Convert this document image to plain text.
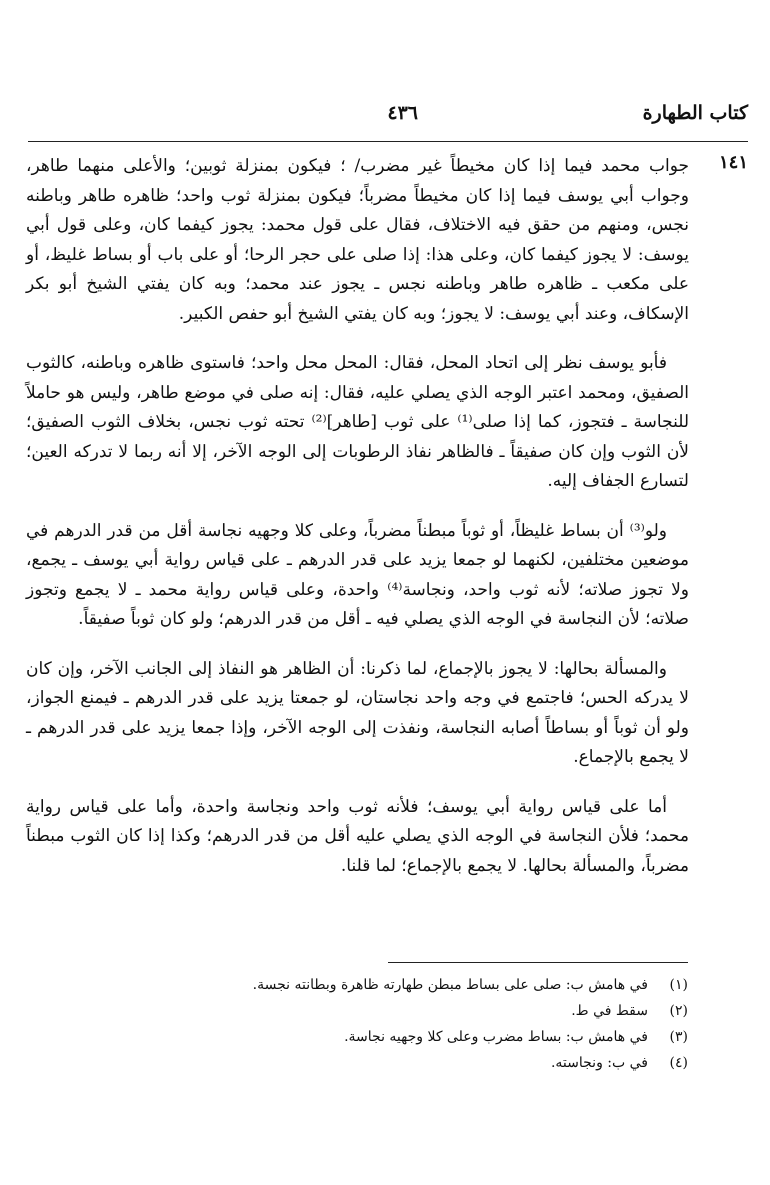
كتاب الطهارة
٤٣٦
١٤١

جواب محمد فيما إذا كان مخيطاً غير مضرب/ ؛ فيكون بمنزلة ثوبين؛ والأعلى منهما طاهر، وجواب أبي يوسف فيما إذا كان مخيطاً مضرباً؛ فيكون بمنزلة ثوب واحد؛ ظاهره طاهر وباطنه نجس، ومنهم من حقق فيه الاختلاف، فقال على قول محمد: يجوز كيفما كان، وعلى قول أبي يوسف: لا يجوز كيفما كان، وعلى هذا: إذا صلى على حجر الرحا؛ أو على باب أو بساط غليظ، أو على مكعب ـ ظاهره طاهر وباطنه نجس ـ يجوز عند محمد؛ وبه كان يفتي الشيخ أبو بكر الإسكاف، وعند أبي يوسف: لا يجوز؛ وبه كان يفتي الشيخ أبو حفص الكبير.

فأبو يوسف نظر إلى اتحاد المحل، فقال: المحل محل واحد؛ فاستوى ظاهره وباطنه، كالثوب الصفيق، ومحمد اعتبر الوجه الذي يصلي عليه، فقال: إنه صلى في موضع طاهر، وليس هو حاملاً للنجاسة ـ فتجوز، كما إذا صلى⁽¹⁾ على ثوب [طاهر]⁽²⁾ تحته ثوب نجس، بخلاف الثوب الصفيق؛ لأن الثوب وإن كان صفيقاً ـ فالظاهر نفاذ الرطوبات إلى الوجه الآخر، إلا أنه ربما لا تدركه العين؛ لتسارع الجفاف إليه.

ولو⁽³⁾ أن بساط غليظاً، أو ثوباً مبطناً مضرباً، وعلى كلا وجهيه نجاسة أقل من قدر الدرهم في موضعين مختلفين، لكنهما لو جمعا يزيد على قدر الدرهم ـ على قياس رواية أبي يوسف ـ يجمع، ولا تجوز صلاته؛ لأنه ثوب واحد، ونجاسة⁽⁴⁾ واحدة، وعلى قياس رواية محمد ـ لا يجمع وتجوز صلاته؛ لأن النجاسة في الوجه الذي يصلي فيه ـ أقل من قدر الدرهم؛ ولو كان ثوباً صفيقاً.

والمسألة بحالها: لا يجوز بالإجماع، لما ذكرنا: أن الظاهر هو النفاذ إلى الجانب الآخر، وإن كان لا يدركه الحس؛ فاجتمع في وجه واحد نجاستان، لو جمعتا يزيد على قدر الدرهم ـ فيمنع الجواز، ولو أن ثوباً أو بساطاً أصابه النجاسة، ونفذت إلى الوجه الآخر، وإذا جمعا يزيد على قدر الدرهم ـ لا يجمع بالإجماع.

أما على قياس رواية أبي يوسف؛ فلأنه ثوب واحد ونجاسة واحدة، وأما على قياس رواية محمد؛ فلأن النجاسة في الوجه الذي يصلي عليه أقل من قدر الدرهم؛ وكذا إذا كان الثوب مبطناً مضرباً، والمسألة بحالها. لا يجمع بالإجماع؛ لما قلنا.

(١)في هامش ب: صلى على بساط مبطن طهارته ظاهرة وبطانته نجسة.
(٢)سقط في ط.
(٣)في هامش ب: بساط مضرب وعلى كلا وجهيه نجاسة.
(٤)في ب: ونجاسته.
